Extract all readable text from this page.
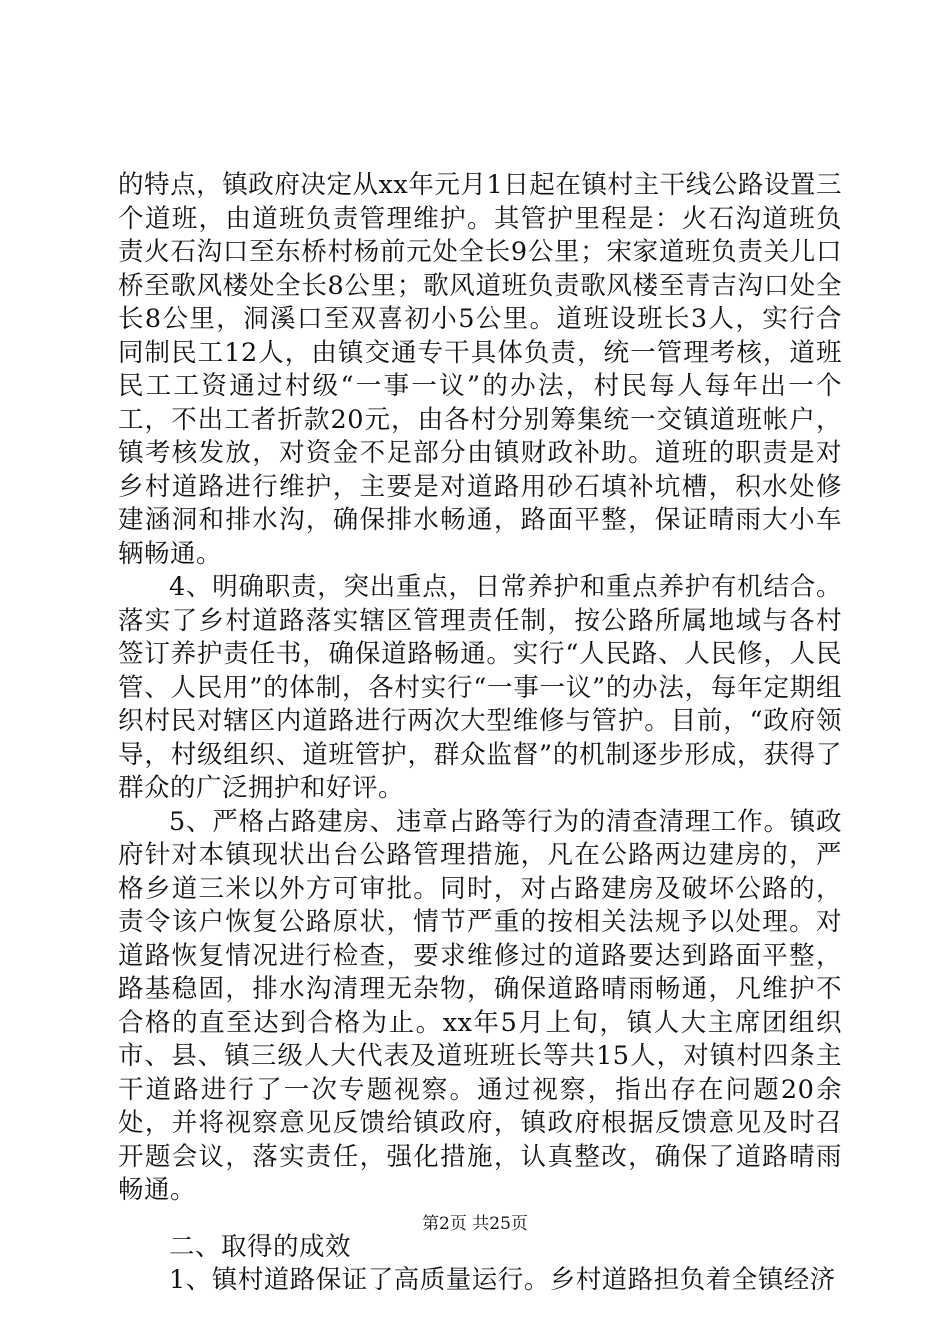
的特点，镇政府决定从xx年元月1日起在镇村主干线公路设置三个道班，由道班负责管理维护。其管护里程是：火石沟道班负责火石沟口至东桥村杨前元处全长9公里；宋家道班负责关儿口桥至歌风楼处全长8公里；歌风道班负责歌风楼至青吉沟口处全长8公里，洞溪口至双喜初小5公里。道班设班长3人，实行合同制民工12人，由镇交通专干具体负责，统一管理考核，道班民工工资通过村级“一事一议”的办法，村民每人每年出一个工，不出工者折款20元，由各村分别筹集统一交镇道班帐户，镇考核发放，对资金不足部分由镇财政补助。道班的职责是对乡村道路进行维护，主要是对道路用砂石填补坑槽，积水处修建涵洞和排水沟，确保排水畅通，路面平整，保证晴雨大小车辆畅通。

4、明确职责，突出重点，日常养护和重点养护有机结合。落实了乡村道路落实辖区管理责任制，按公路所属地域与各村签订养护责任书，确保道路畅通。实行“人民路、人民修，人民管、人民用”的体制，各村实行“一事一议”的办法，每年定期组织村民对辖区内道路进行两次大型维修与管护。目前，“政府领导，村级组织、道班管护，群众监督”的机制逐步形成，获得了群众的广泛拥护和好评。

5、严格占路建房、违章占路等行为的清查清理工作。镇政府针对本镇现状出台公路管理措施，凡在公路两边建房的，严格乡道三米以外方可审批。同时，对占路建房及破坏公路的，责令该户恢复公路原状，情节严重的按相关法规予以处理。对道路恢复情况进行检查，要求维修过的道路要达到路面平整，路基稳固，排水沟清理无杂物，确保道路晴雨畅通，凡维护不合格的直至达到合格为止。xx年5月上旬，镇人大主席团组织市、县、镇三级人大代表及道班班长等共15人，对镇村四条主干道路进行了一次专题视察。通过视察，指出存在问题20余处，并将视察意见反馈给镇政府，镇政府根据反馈意见及时召开题会议，落实责任，强化措施，认真整改，确保了道路晴雨畅通。

二、取得的成效

1、镇村道路保证了高质量运行。乡村道路担负着全镇经济

第2页 共25页
